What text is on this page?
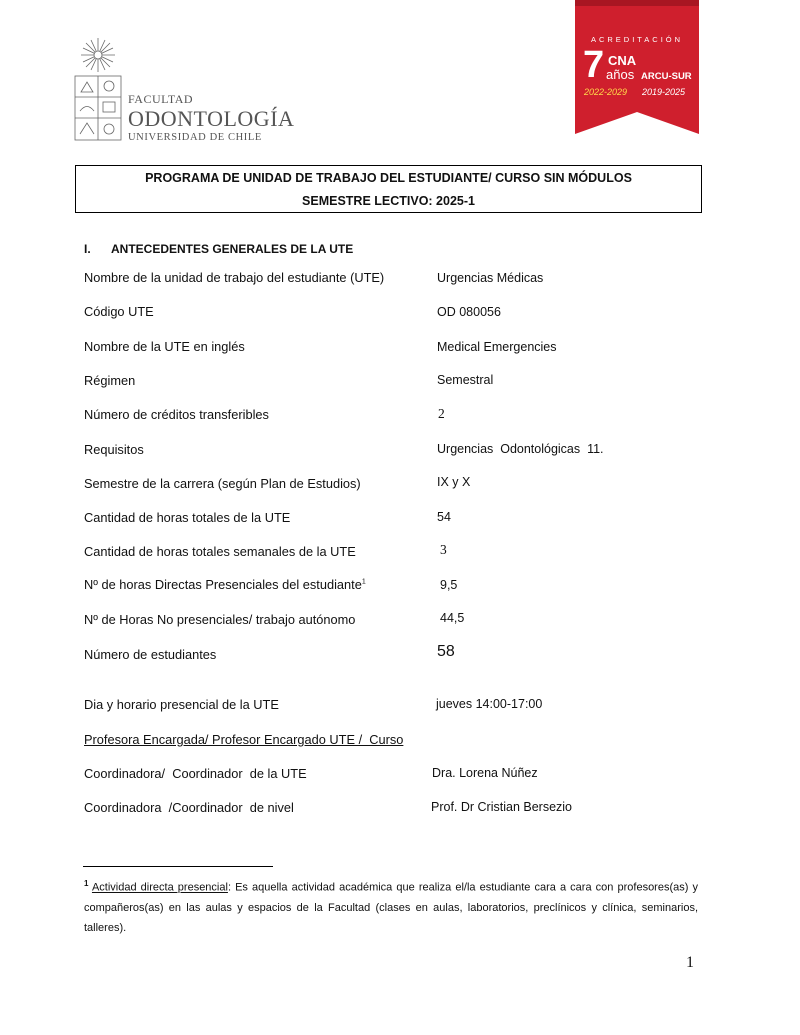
FACULTAD
ODONTOLOGÍA
UNIVERSIDAD DE CHILE
ACREDITACIÓN
7 CNA
años ARCU-SUR
2022-2029 2019-2025
PROGRAMA DE UNIDAD DE TRABAJO DEL ESTUDIANTE/ CURSO SIN MÓDULOS
SEMESTRE LECTIVO: 2025-1
I. ANTECEDENTES GENERALES DE LA UTE
Nombre de la unidad de trabajo del estudiante (UTE)	Urgencias Médicas
Código UTE	OD 080056
Nombre de la UTE en inglés	Medical Emergencies
Régimen	Semestral
Número de créditos transferibles	2
Requisitos	Urgencias  Odontológicas  11.
Semestre de la carrera (según Plan de Estudios)	IX y X
Cantidad de horas totales de la UTE	54
Cantidad de horas totales semanales de la UTE	3
Nº de horas Directas Presenciales del estudiante$^1$	9,5
Nº de Horas No presenciales/ trabajo autónomo	44,5
Número de estudiantes	58
Dia y horario presencial de la UTE	jueves 14:00-17:00
Profesora Encargada/ Profesor Encargado UTE /  Curso
Coordinadora/  Coordinador  de la UTE	Dra. Lorena Núñez
Coordinadora  /Coordinador  de nivel	Prof. Dr Cristian Bersezio
$^1$ Actividad directa presencial: Es aquella actividad académica que realiza el/la estudiante cara a cara con profesores(as) y compañeros(as) en las aulas y espacios de la Facultad (clases en aulas, laboratorios, preclínicos y clínica, seminarios, talleres).
1
